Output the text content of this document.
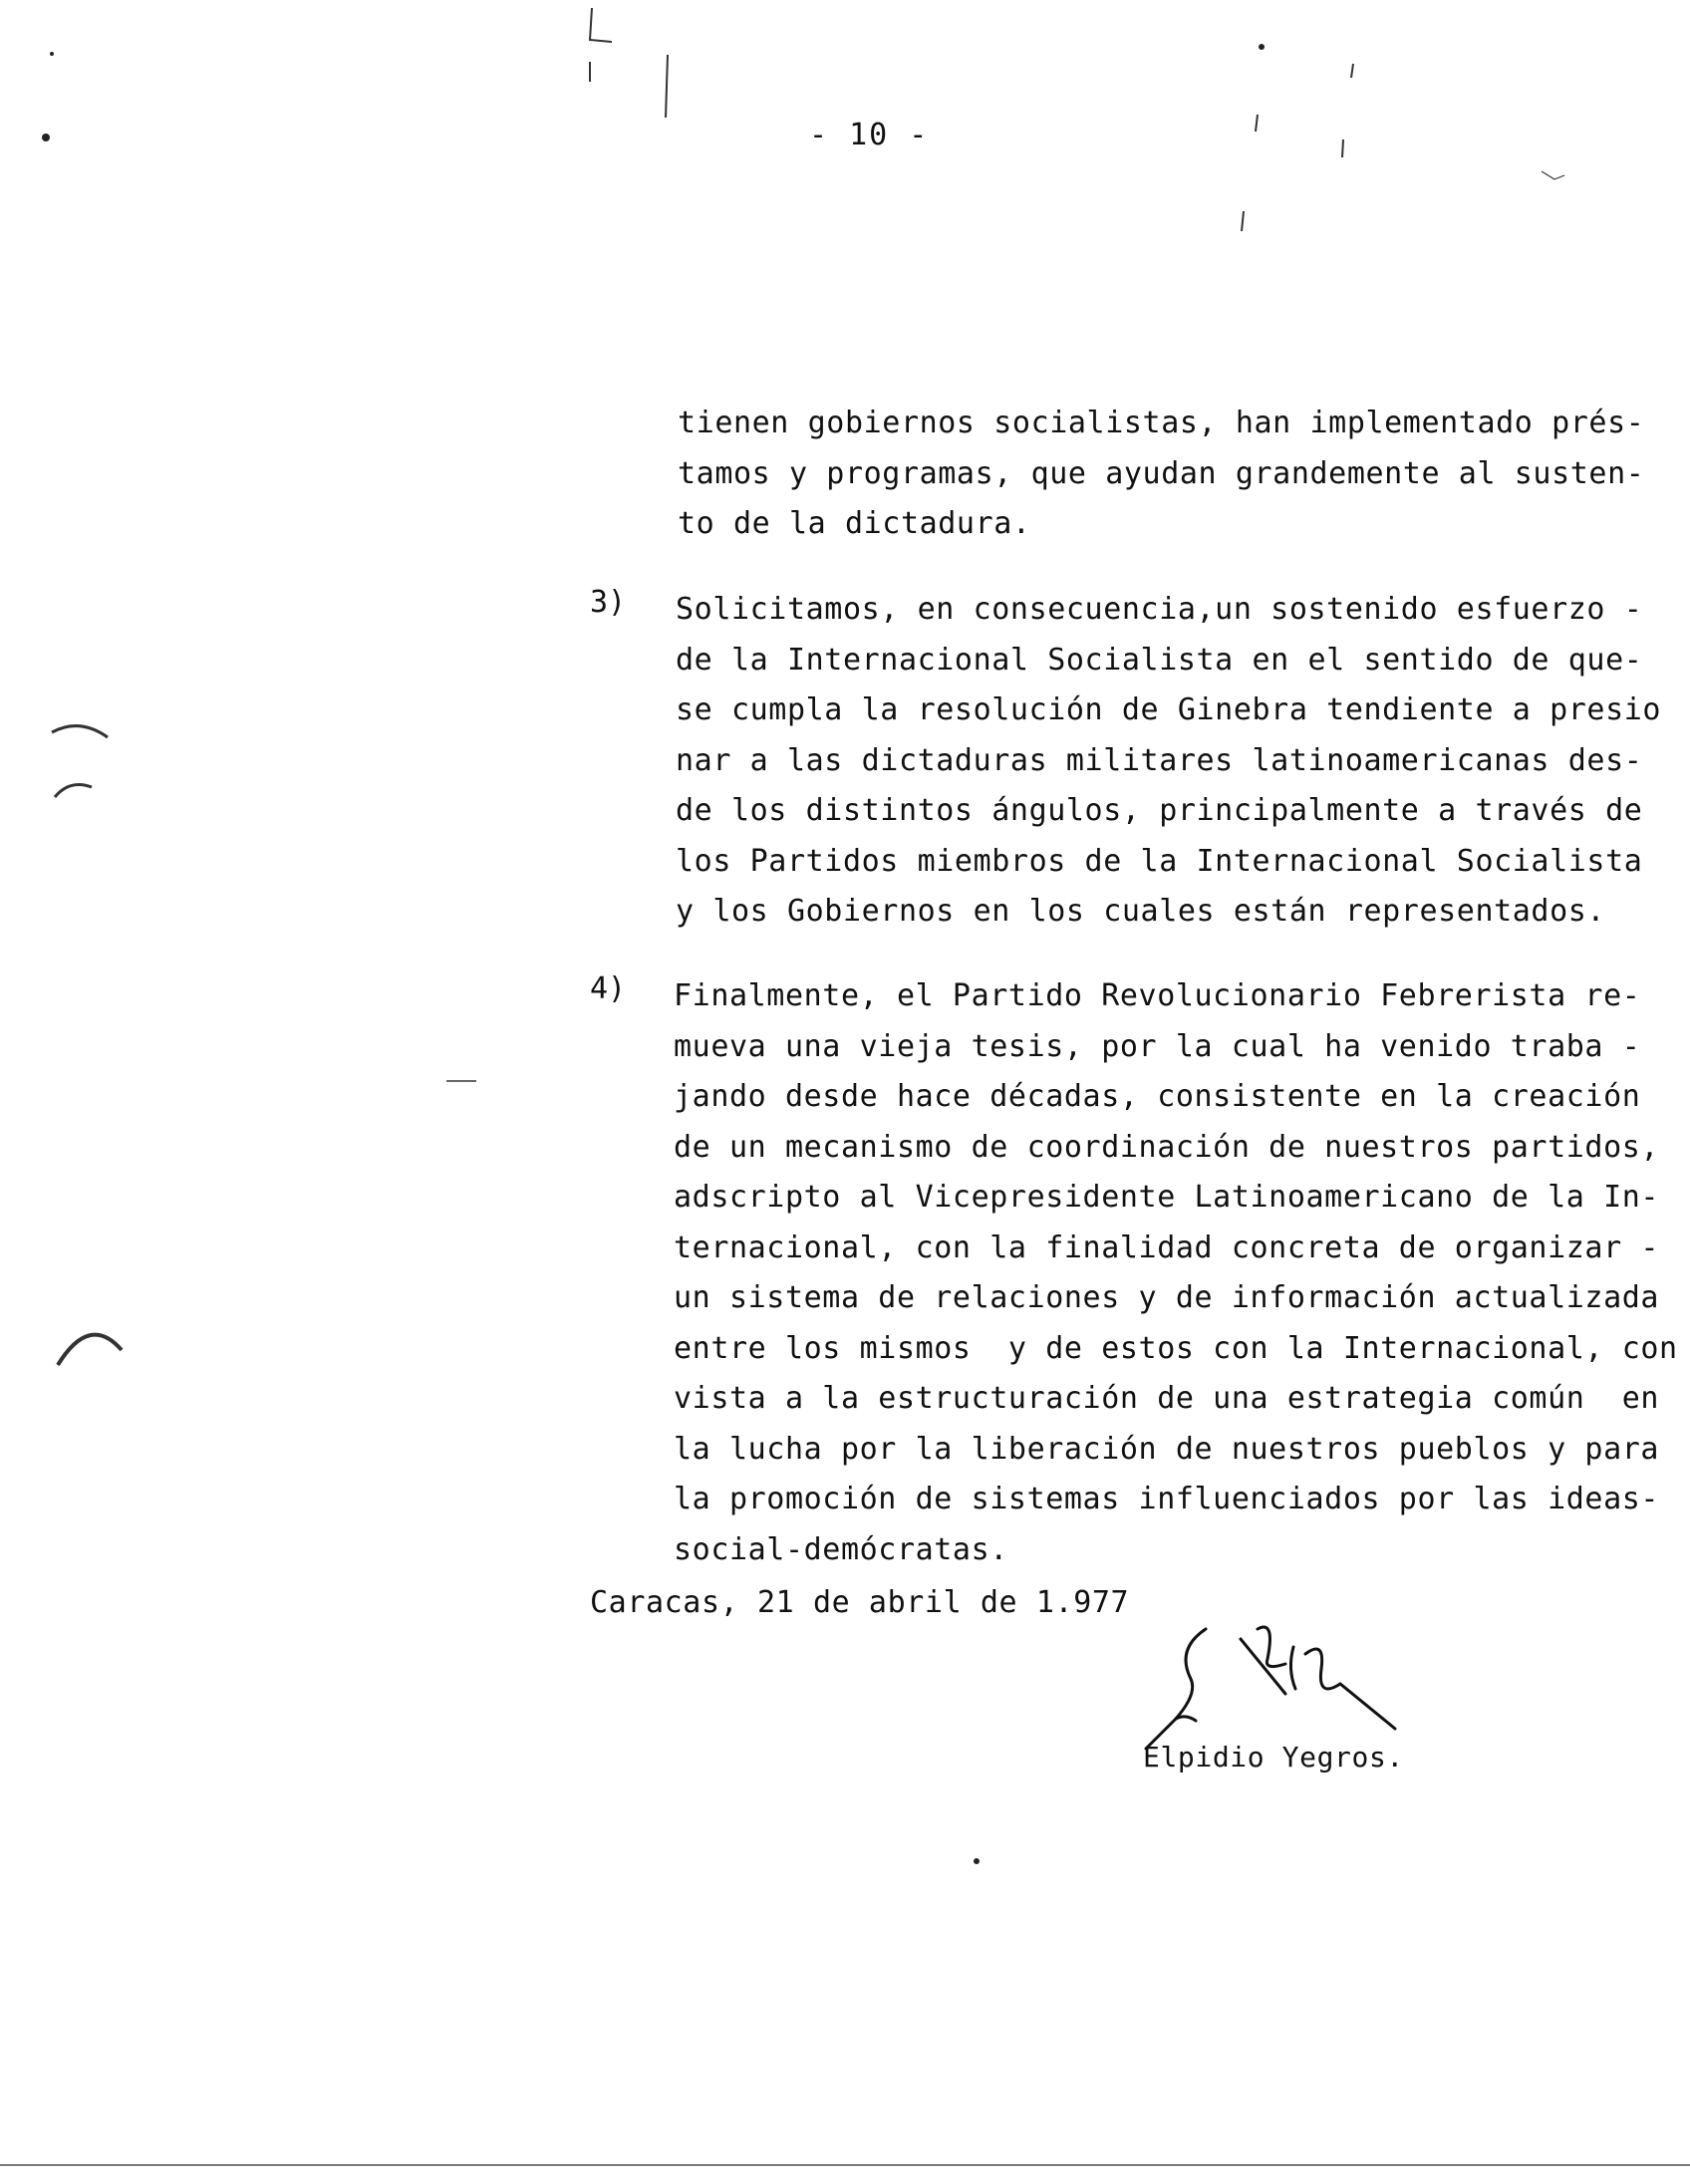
- 10 -
tienen gobiernos socialistas, han implementado prés-
tamos y programas, que ayudan grandemente al susten-
to de la dictadura.
3) Solicitamos, en consecuencia,un sostenido esfuerzo -
de la Internacional Socialista en el sentido de que-
se cumpla la resolución de Ginebra tendiente a presio
nar a las dictaduras militares latinoamericanas des-
de los distintos ángulos, principalmente a través de
los Partidos miembros de la Internacional Socialista
y los Gobiernos en los cuales están representados.
4) Finalmente, el Partido Revolucionario Febrerista re-
mueva una vieja tesis, por la cual ha venido traba -
jando desde hace décadas, consistente en la creación
de un mecanismo de coordinación de nuestros partidos,
adscripto al Vicepresidente Latinoamericano de la In-
ternacional, con la finalidad concreta de organizar -
un sistema de relaciones y de información actualizada
entre los mismos  y de estos con la Internacional, con
vista a la estructuración de una estrategia común  en
la lucha por la liberación de nuestros pueblos y para
la promoción de sistemas influenciados por las ideas-
social-demócratas.
Caracas, 21 de abril de 1.977
Elpidio Yegros.
